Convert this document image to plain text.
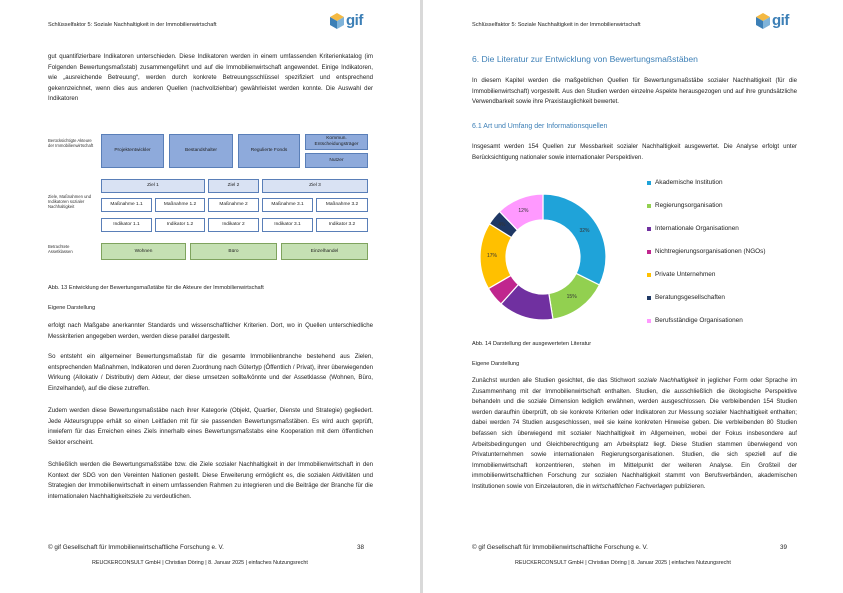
Schlüsselfaktor 5: Soziale Nachhaltigkeit in der Immobilienwirtschaft	gif
gut quantifizierbare Indikatoren unterschieden. Diese Indikatoren werden in einem umfassenden Kriterienkatalog (im Folgenden Bewertungsmaßstab) zusammengeführt und auf die Immobilienwirtschaft angewendet. Einige Indikatoren, wie „ausreichende Betreuung“, werden durch konkrete Betreuungsschlüssel spezifiziert und entsprechend gekennzeichnet, wenn dies aus anderen Quellen (nachvollziehbar) gewährleistet werden konnte. Die Auswahl der Indikatoren
Berücksichtigte Akteure der Immobilienwirtschaft
Ziele, Maßnahmen und Indikatoren sozialer Nachhaltigkeit
Betrachtete Assetklassen
Projektentwickler	Bestandshalter	Regulierte Fonds
Kommun. Entscheidungsträger
Nutzer
Ziel 1	Ziel 2	Ziel 3
Maßnahme 1.1	Maßnahme 1.2	Maßnahme 2	Maßnahme 3.1	Maßnahme 3.2
Indikator 1.1	Indikator 1.2	Indikator 2	Indikator 3.1	Indikator 3.2
Wohnen	Büro	Einzelhandel
Abb. 13 Entwicklung der Bewertungsmaßstäbe für die Akteure der Immobilienwirtschaft
Eigene Darstellung
erfolgt nach Maßgabe anerkannter Standards und wissenschaftlicher Kriterien. Dort, wo in Quellen unterschiedliche Messkriterien angegeben werden, werden diese parallel dargestellt.
So entsteht ein allgemeiner Bewertungsmaßstab für die gesamte Immobilienbranche bestehend aus Zielen, entsprechenden Maßnahmen, Indikatoren und deren Zuordnung nach Gütertyp (Öffentlich / Privat), ihrer überwiegenden Wirkung (Allokativ / Distributiv) dem Akteur, der diese umsetzen sollte/könnte und der Assetklasse (Wohnen, Büro, Einzelhandel), auf die diese zutreffen.
Zudem werden diese Bewertungsmaßstäbe nach ihrer Kategorie (Objekt, Quartier, Dienste und Strategie) gegliedert. Jede Akteursgruppe erhält so einen Leitfaden mit für sie passenden Bewertungsmaßstäben. Es wird auch geprüft, inwiefern für das Erreichen eines Ziels innerhalb eines Bewertungsmaßstabs eine Kooperation mit dem öffentlichen Sektor erscheint.
Schließlich werden die Bewertungsmaßstäbe bzw. die Ziele sozialer Nachhaltigkeit in der Immobilienwirtschaft in den Kontext der SDG von den Vereinten Nationen gestellt. Diese Erweiterung ermöglicht es, die sozialen Aktivitäten und Strategien der Immobilienwirtschaft in einem umfassenden Rahmen zu integrieren und die Beiträge der Branche für die internationalen Nachhaltigkeitsziele zu verdeutlichen.
© gif Gesellschaft für Immobilienwirtschaftliche Forschung e. V.	38
REUCKERCONSULT GmbH | Christian Döring | 8. Januar 2025 | einfaches Nutzungsrecht
Schlüsselfaktor 5: Soziale Nachhaltigkeit in der Immobilienwirtschaft	gif
6. Die Literatur zur Entwicklung von Bewertungsmaßstäben
In diesem Kapitel werden die maßgeblichen Quellen für Bewertungsmaßstäbe sozialer Nachhaltigkeit (für die Immobilienwirtschaft) vorgestellt. Aus den Studien werden einzelne Aspekte herausgezogen und auf ihre grundsätzliche Verwendbarkeit sowie ihre Praxistauglichkeit bewertet.
6.1 Art und Umfang der Informationsquellen
Insgesamt werden 154 Quellen zur Messbarkeit sozialer Nachhaltigkeit ausgewertet. Die Analyse erfolgt unter Berücksichtigung nationaler sowie internationaler Perspektiven.
Abb. 14 Darstellung der ausgewerteten Literatur
Eigene Darstellung

Zunächst wurden alle Studien gesichtet, die das Stichwort soziale Nachhaltigkeit in jeglicher Form oder Sprache im Zusammenhang mit der Immobilienwirtschaft enthalten. Studien, die ausschließlich die ökologische Perspektive behandeln und die soziale Dimension lediglich erwähnen, werden ausgeschlossen. Die verbleibenden 154 Studien werden daraufhin überprüft, ob sie konkrete Kriterien oder Indikatoren zur Messung sozialer Nachhaltigkeit enthalten; dabei werden 74 Studien ausgeschlossen, weil sie keine konkreten Hinweise geben. Die verbleibenden 80 Studien befassen sich überwiegend mit sozialer Nachhaltigkeit im Allgemeinen, wobei der Fokus insbesondere auf Arbeitsbedingungen und Gleichberechtigung am Arbeitsplatz liegt. Diese Studien stammen überwiegend von Privatunternehmen sowie internationalen Regierungsorganisationen. Studien, die sich speziell auf die Immobilienwirtschaft konzentrieren, stehen im Mittelpunkt der weiteren Analyse. Ein Großteil der immobilienwirtschaftlichen Forschung zur sozialen Nachhaltigkeit stammt von Berufsverbänden, akademischen Institutionen sowie von Einzelautoren, die in wirtschaftlichen Fachverlagen publizieren.

© gif Gesellschaft für Immobilienwirtschaftliche Forschung e. V.	39
REUCKERCONSULT GmbH | Christian Döring | 8. Januar 2025 | einfaches Nutzungsrecht
32%
15%
17%
4%
12%
Akademische Institution
Regierungsorganisation
Internationale Organisationen
Nichtregierungsorganisationen (NGOs)
Private Unternehmen
Beratungsgesellschaften
Berufsständige Organisationen
